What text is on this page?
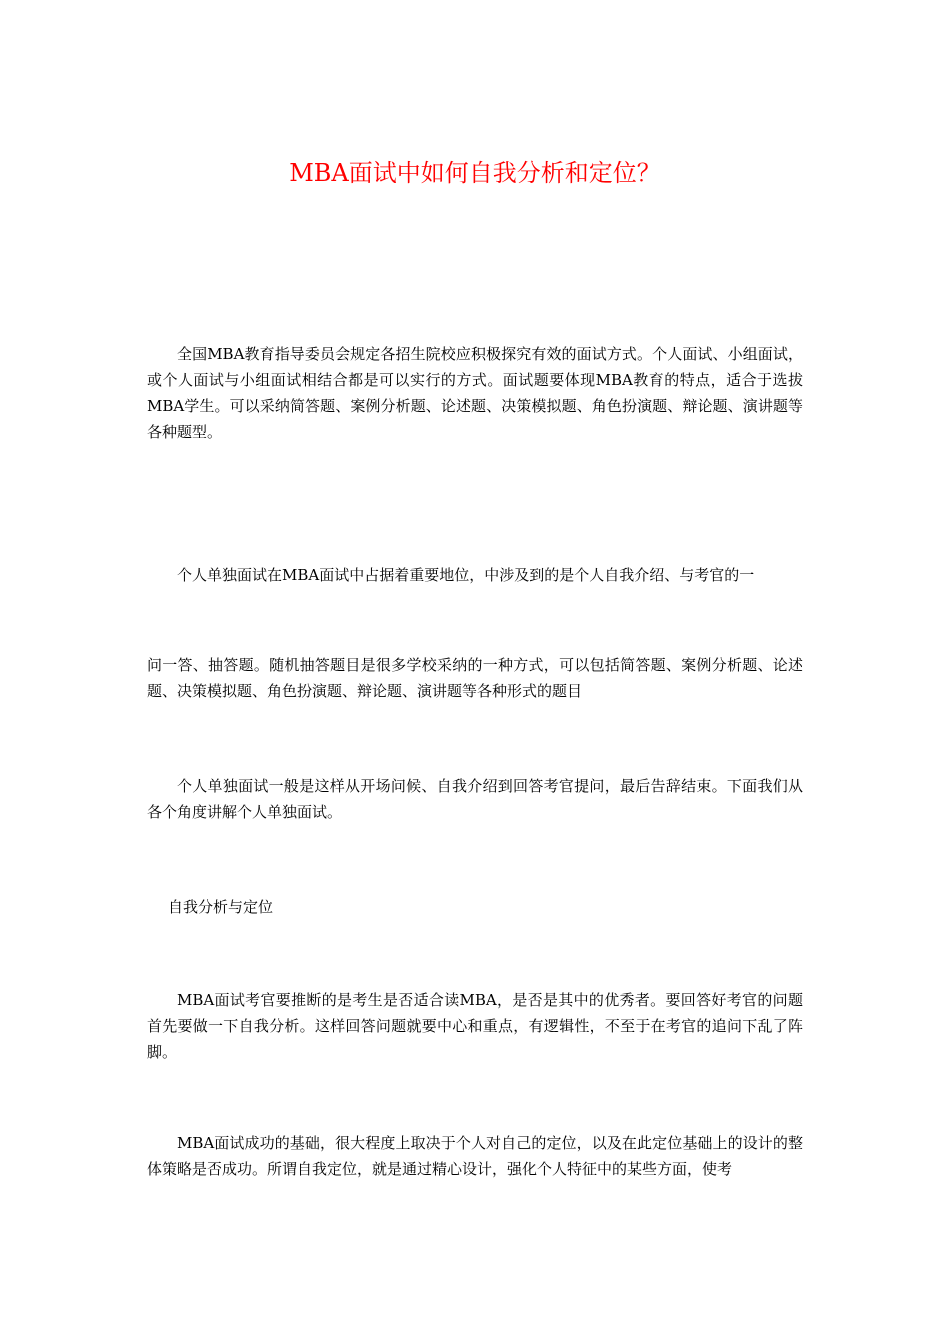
MBA面试中如何自我分析和定位？

全国MBA教育指导委员会规定各招生院校应积极探究有效的面试方式。个人面试、小组面试，或个人面试与小组面试相结合都是可以实行的方式。面试题要体现MBA教育的特点，适合于选拔MBA学生。可以采纳简答题、案例分析题、论述题、决策模拟题、角色扮演题、辩论题、演讲题等各种题型。

个人单独面试在MBA面试中占据着重要地位，中涉及到的是个人自我介绍、与考官的一

问一答、抽答题。随机抽答题目是很多学校采纳的一种方式，可以包括简答题、案例分析题、论述题、决策模拟题、角色扮演题、辩论题、演讲题等各种形式的题目

个人单独面试一般是这样从开场问候、自我介绍到回答考官提问，最后告辞结束。下面我们从各个角度讲解个人单独面试。

自我分析与定位

MBA面试考官要推断的是考生是否适合读MBA，是否是其中的优秀者。要回答好考官的问题首先要做一下自我分析。这样回答问题就要中心和重点，有逻辑性，不至于在考官的追问下乱了阵脚。

MBA面试成功的基础，很大程度上取决于个人对自己的定位，以及在此定位基础上的设计的整体策略是否成功。所谓自我定位，就是通过精心设计，强化个人特征中的某些方面，使考
